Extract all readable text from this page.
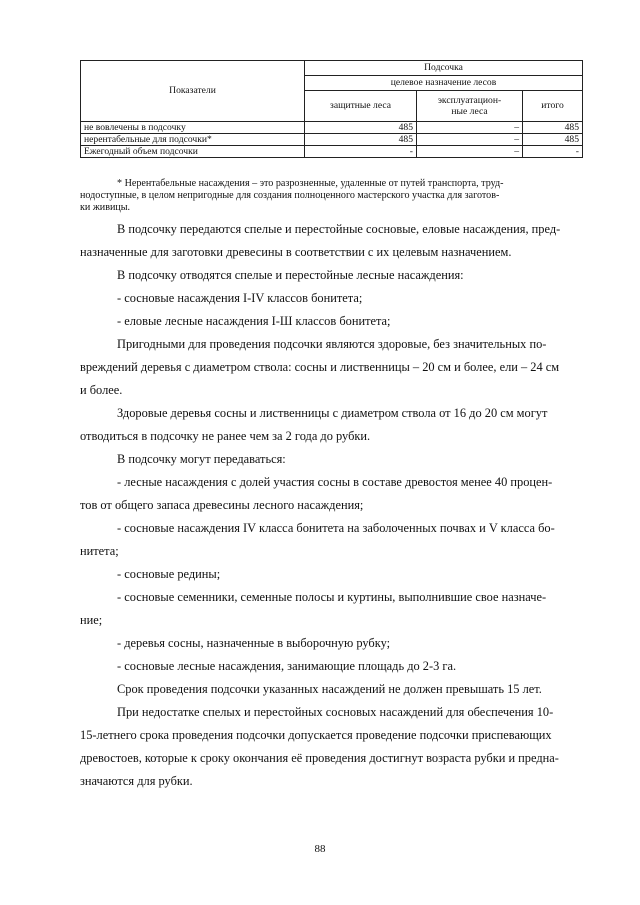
Показатели	Подсочка		
	целевое назначение лесов		
	защитные леса	эксплуатацион-
ные леса	итого
не вовлечены в подсочку	485	–	485
нерентабельные для подсочки*	485	–	485
Ежегодный объем подсочки	-	–	-
* Нерентабельные насаждения – это разрозненные, удаленные от путей транспорта, труд-
нодоступные, в целом непригодные для создания полноценного мастерского участка для заготов-
ки живицы.
В подсочку передаются спелые и перестойные сосновые, еловые насаждения, пред-
назначенные для заготовки древесины в соответствии с их целевым назначением.
В подсочку отводятся спелые и перестойные лесные насаждения:
- сосновые насаждения I-IV классов бонитета;
- еловые лесные насаждения I-Ш классов бонитета;
Пригодными для проведения подсочки являются здоровые, без значительных по-
вреждений деревья с диаметром ствола: сосны и лиственницы – 20 см и более, ели – 24 см
и более.
Здоровые деревья сосны и лиственницы с диаметром ствола от 16 до 20 см могут
отводиться в подсочку не ранее чем за 2 года до рубки.
В подсочку могут передаваться:
- лесные насаждения с долей участия сосны в составе древостоя менее 40 процен-
тов от общего запаса древесины лесного насаждения;
- сосновые насаждения IV класса бонитета на заболоченных почвах и V класса бо-
нитета;
- сосновые редины;
- сосновые семенники, семенные полосы и куртины, выполнившие свое назначе-
ние;
- деревья сосны, назначенные в выборочную рубку;
- сосновые лесные насаждения, занимающие площадь до 2-3 га.
Срок проведения подсочки указанных насаждений не должен превышать 15 лет.
При недостатке спелых и перестойных сосновых насаждений для обеспечения 10-
15-летнего срока проведения подсочки допускается проведение подсочки приспевающих
древостоев, которые к сроку окончания её проведения достигнут возраста рубки и предна-
значаются для рубки.
88
